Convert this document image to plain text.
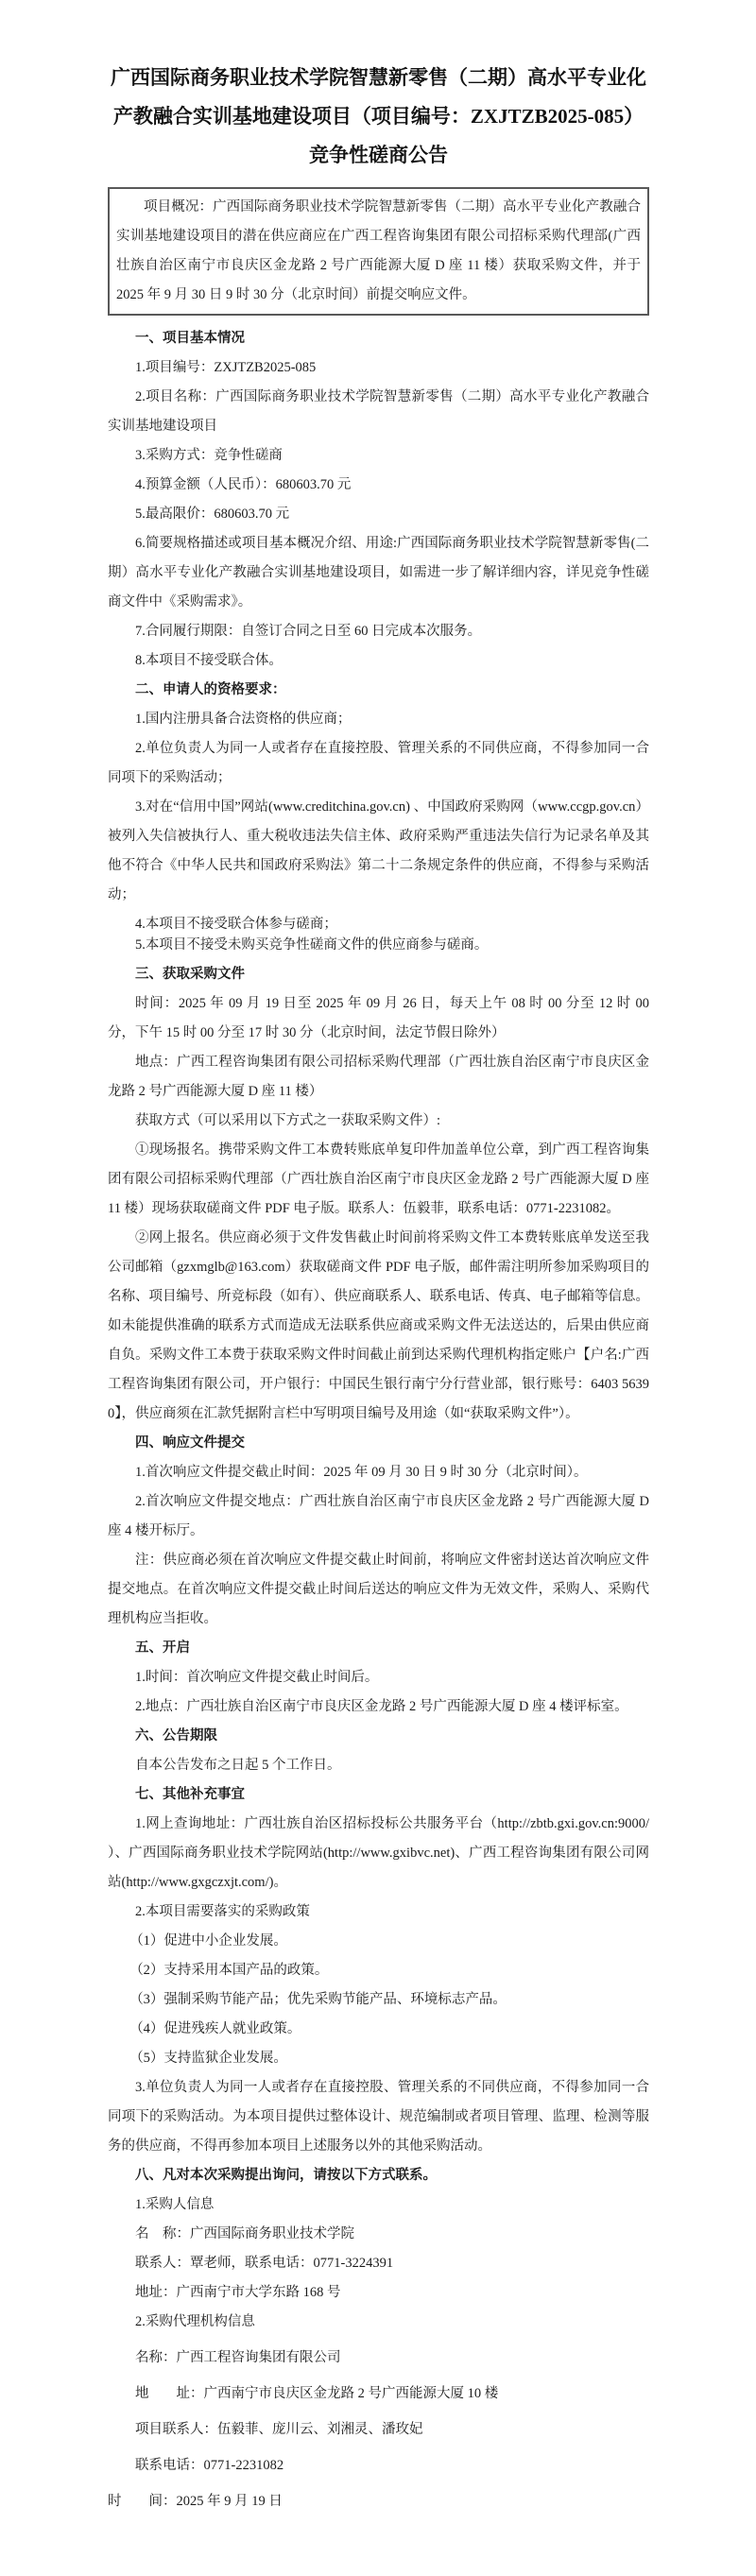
广西国际商务职业技术学院智慧新零售（二期）高水平专业化产教融合实训基地建设项目（项目编号：ZXJTZB2025-085）
竞争性磋商公告

项目概况：广西国际商务职业技术学院智慧新零售（二期）高水平专业化产教融合实训基地建设项目的潜在供应商应在广西工程咨询集团有限公司招标采购代理部(广西壮族自治区南宁市良庆区金龙路 2 号广西能源大厦 D 座 11 楼）获取采购文件，并于 2025 年 9 月 30 日 9 时 30 分（北京时间）前提交响应文件。

一、项目基本情况

1.项目编号：ZXJTZB2025-085

2.项目名称：广西国际商务职业技术学院智慧新零售（二期）高水平专业化产教融合实训基地建设项目

3.采购方式：竞争性磋商

4.预算金额（人民币）：680603.70 元

5.最高限价：680603.70 元

6.简要规格描述或项目基本概况介绍、用途:广西国际商务职业技术学院智慧新零售(二期）高水平专业化产教融合实训基地建设项目，如需进一步了解详细内容，详见竞争性磋商文件中《采购需求》。

7.合同履行期限：自签订合同之日至 60 日完成本次服务。

8.本项目不接受联合体。

二、申请人的资格要求：

1.国内注册具备合法资格的供应商；

2.单位负责人为同一人或者存在直接控股、管理关系的不同供应商，不得参加同一合同项下的采购活动；

3.对在“信用中国”网站(www.creditchina.gov.cn) 、中国政府采购网（www.ccgp.gov.cn）被列入失信被执行人、重大税收违法失信主体、政府采购严重违法失信行为记录名单及其他不符合《中华人民共和国政府采购法》第二十二条规定条件的供应商，不得参与采购活动；

4.本项目不接受联合体参与磋商；

5.本项目不接受未购买竞争性磋商文件的供应商参与磋商。

三、获取采购文件

时间：2025 年 09 月 19 日至 2025 年 09 月 26 日，每天上午 08 时 00 分至 12 时 00 分，下午 15 时 00 分至 17 时 30 分（北京时间，法定节假日除外）

地点：广西工程咨询集团有限公司招标采购代理部（广西壮族自治区南宁市良庆区金龙路 2 号广西能源大厦 D 座 11 楼）

获取方式（可以采用以下方式之一获取采购文件）:

①现场报名。携带采购文件工本费转账底单复印件加盖单位公章，到广西工程咨询集团有限公司招标采购代理部（广西壮族自治区南宁市良庆区金龙路 2 号广西能源大厦 D 座 11 楼）现场获取磋商文件 PDF 电子版。联系人：伍毅菲，联系电话：0771-2231082。

②网上报名。供应商必须于文件发售截止时间前将采购文件工本费转账底单发送至我公司邮箱（gzxmglb@163.com）获取磋商文件 PDF 电子版，邮件需注明所参加采购项目的名称、项目编号、所竞标段（如有）、供应商联系人、联系电话、传真、电子邮箱等信息。如未能提供准确的联系方式而造成无法联系供应商或采购文件无法送达的，后果由供应商自负。采购文件工本费于获取采购文件时间截止前到达采购代理机构指定账户【户名:广西工程咨询集团有限公司，开户银行：中国民生银行南宁分行营业部，银行账号：6403 5639 0】，供应商须在汇款凭据附言栏中写明项目编号及用途（如“获取采购文件”）。

四、响应文件提交

1.首次响应文件提交截止时间：2025 年 09 月 30 日 9 时 30 分（北京时间）。

2.首次响应文件提交地点：广西壮族自治区南宁市良庆区金龙路 2 号广西能源大厦 D 座 4 楼开标厅。

注：供应商必须在首次响应文件提交截止时间前，将响应文件密封送达首次响应文件提交地点。在首次响应文件提交截止时间后送达的响应文件为无效文件，采购人、采购代理机构应当拒收。

五、开启

1.时间：首次响应文件提交截止时间后。

2.地点：广西壮族自治区南宁市良庆区金龙路 2 号广西能源大厦 D 座 4 楼评标室。

六、公告期限

自本公告发布之日起 5 个工作日。

七、其他补充事宜

1.网上查询地址：广西壮族自治区招标投标公共服务平台（http://zbtb.gxi.gov.cn:9000/ ）、广西国际商务职业技术学院网站(http://www.gxibvc.net)、广西工程咨询集团有限公司网站(http://www.gxgczxjt.com/)。

2.本项目需要落实的采购政策

（1）促进中小企业发展。

（2）支持采用本国产品的政策。

（3）强制采购节能产品；优先采购节能产品、环境标志产品。

（4）促进残疾人就业政策。

（5）支持监狱企业发展。

3.单位负责人为同一人或者存在直接控股、管理关系的不同供应商，不得参加同一合同项下的采购活动。为本项目提供过整体设计、规范编制或者项目管理、监理、检测等服务的供应商，不得再参加本项目上述服务以外的其他采购活动。

八、凡对本次采购提出询问，请按以下方式联系。

1.采购人信息

名　称：广西国际商务职业技术学院

联系人：覃老师，联系电话：0771-3224391

地址：广西南宁市大学东路 168 号

2.采购代理机构信息

名称：广西工程咨询集团有限公司

地　　址：广西南宁市良庆区金龙路 2 号广西能源大厦 10 楼

项目联系人：伍毅菲、庞川云、刘湘灵、潘玫妃

联系电话：0771-2231082

时　　间：2025 年 9 月 19 日
